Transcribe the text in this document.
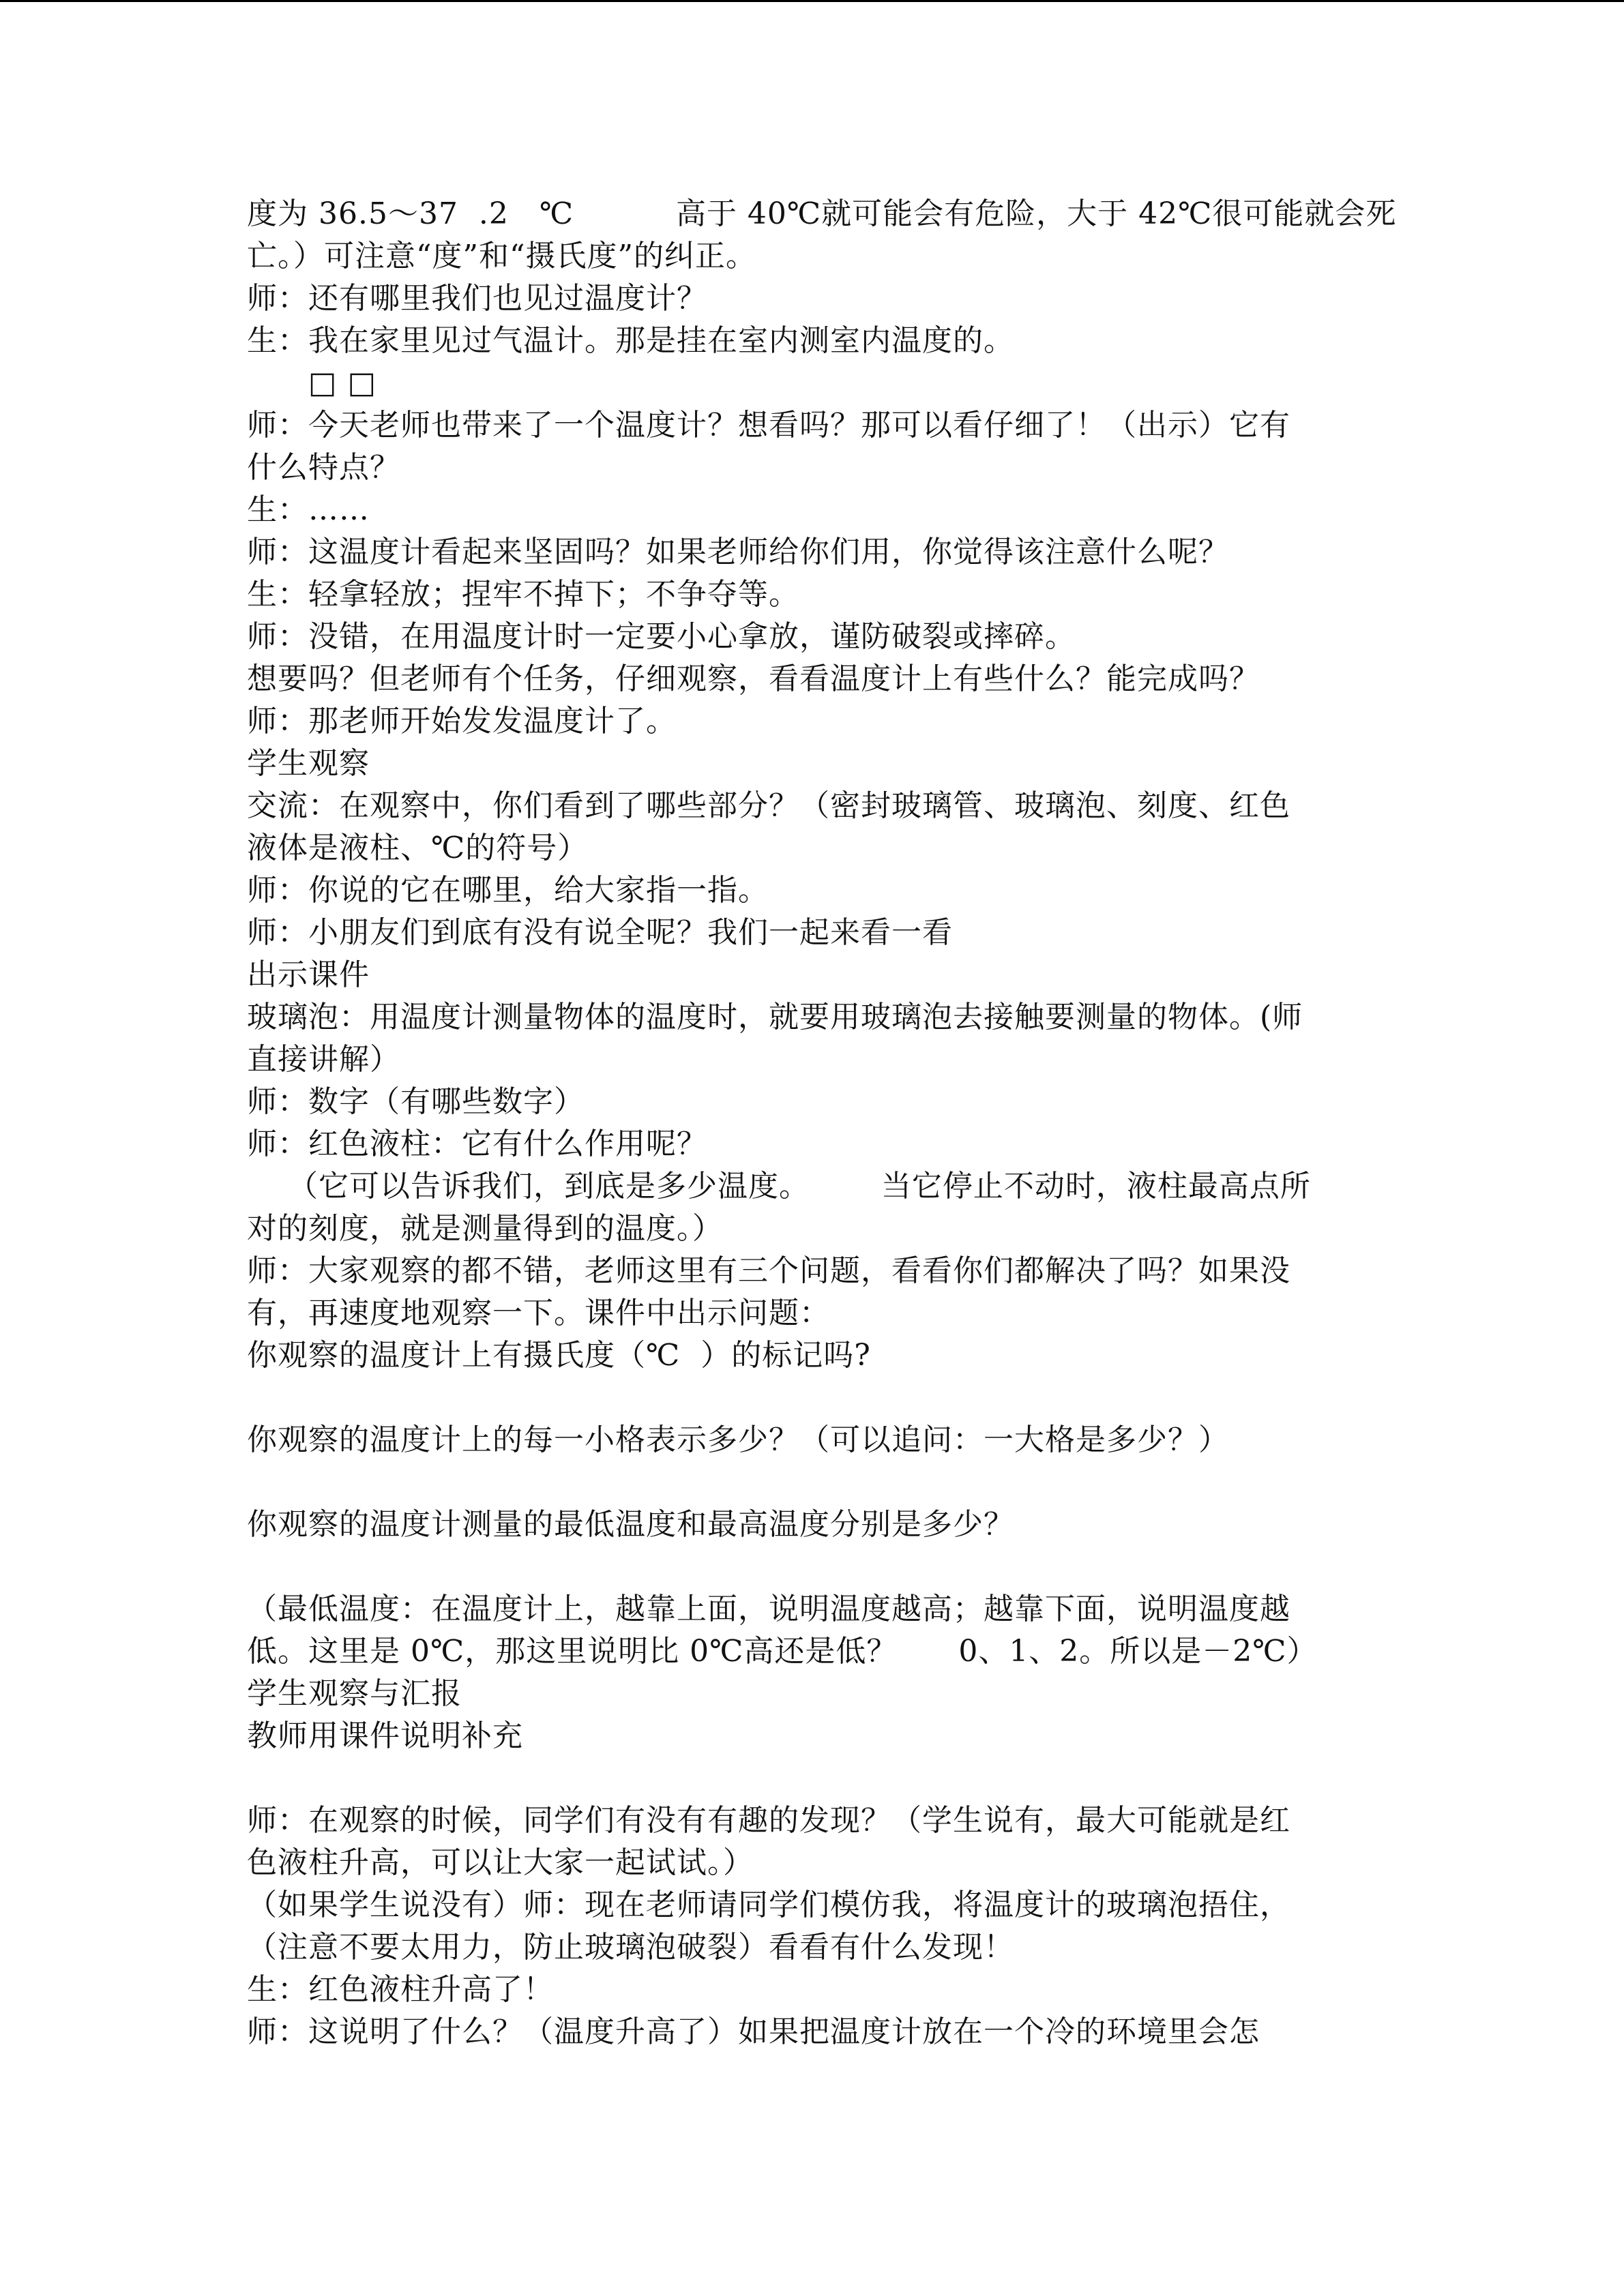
度为 36.5～37  .2   ℃          高于 40℃就可能会有危险，大于 42℃很可能就会死
亡。）可注意“度”和“摄氏度”的纠正。
师：还有哪里我们也见过温度计？
生：我在家里见过气温计。那是挂在室内测室内温度的。
□ □
师：今天老师也带来了一个温度计？想看吗？那可以看仔细了！（出示）它有
什么特点？
生：……
师：这温度计看起来坚固吗？如果老师给你们用，你觉得该注意什么呢？
生：轻拿轻放；捏牢不掉下；不争夺等。
师：没错，在用温度计时一定要小心拿放，谨防破裂或摔碎。
想要吗？但老师有个任务，仔细观察，看看温度计上有些什么？能完成吗？
师：那老师开始发发温度计了。
学生观察
交流：在观察中，你们看到了哪些部分？（密封玻璃管、玻璃泡、刻度、红色
液体是液柱、℃的符号）
师：你说的它在哪里，给大家指一指。
师：小朋友们到底有没有说全呢？我们一起来看一看
出示课件
玻璃泡：用温度计测量物体的温度时，就要用玻璃泡去接触要测量的物体。(师
直接讲解）
师：数字（有哪些数字）
师：红色液柱：它有什么作用呢？
（它可以告诉我们，到底是多少温度。       当它停止不动时，液柱最高点所
对的刻度，就是测量得到的温度。）
师：大家观察的都不错，老师这里有三个问题，看看你们都解决了吗？如果没
有，再速度地观察一下。课件中出示问题：
你观察的温度计上有摄氏度（℃  ）的标记吗?
你观察的温度计上的每一小格表示多少？（可以追问：一大格是多少？）
你观察的温度计测量的最低温度和最高温度分别是多少？
（最低温度：在温度计上，越靠上面，说明温度越高；越靠下面，说明温度越
低。这里是 0℃，那这里说明比 0℃高还是低？      0、1、2。所以是－2℃）
学生观察与汇报
教师用课件说明补充
师：在观察的时候，同学们有没有有趣的发现？（学生说有，最大可能就是红
色液柱升高，可以让大家一起试试。）
（如果学生说没有）师：现在老师请同学们模仿我，将温度计的玻璃泡捂住，
（注意不要太用力，防止玻璃泡破裂）看看有什么发现！
生：红色液柱升高了！
师：这说明了什么？（温度升高了）如果把温度计放在一个冷的环境里会怎
